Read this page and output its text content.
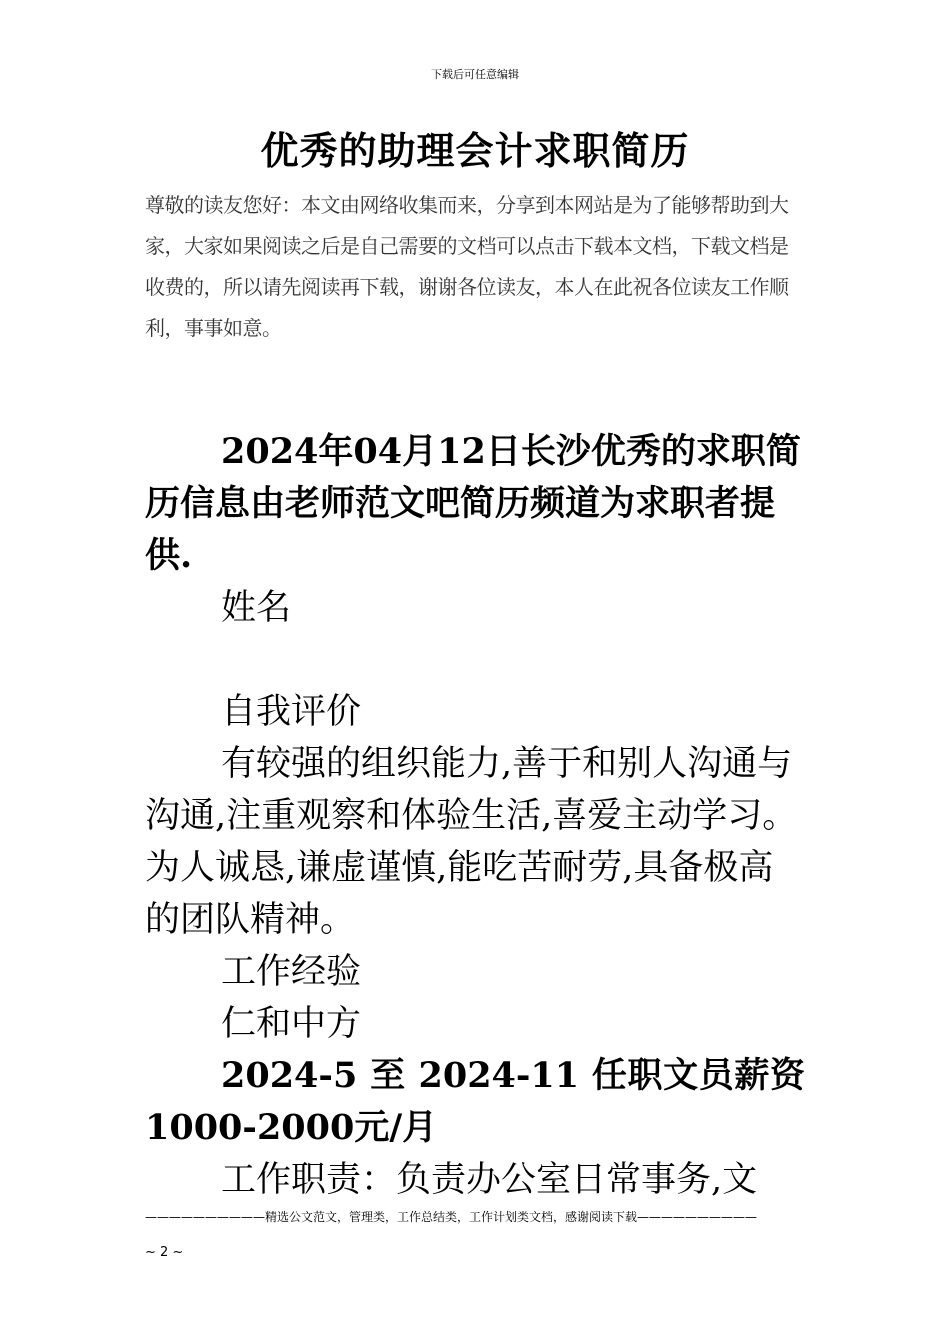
下载后可任意编辑
优秀的助理会计求职简历
尊敬的读友您好：本文由网络收集而来，分享到本网站是为了能够帮助到大家，大家如果阅读之后是自己需要的文档可以点击下载本文档，下载文档是收费的，所以请先阅读再下载，谢谢各位读友，本人在此祝各位读友工作顺利，事事如意。

2024年04月12日长沙优秀的求职简历信息由老师范文吧简历频道为求职者提供.

姓名

自我评价

有较强的组织能力,善于和别人沟通与沟通,注重观察和体验生活,喜爱主动学习。为人诚恳,谦虚谨慎,能吃苦耐劳,具备极高的团队精神。

工作经验

仁和中方

2024-5 至 2024-11 任职文员薪资

1000-2000元/月

工作职责：负责办公室日常事务,文

——————————精选公文范文，管理类，工作总结类，工作计划类文档，感谢阅读下载——————————
~ 2 ~
